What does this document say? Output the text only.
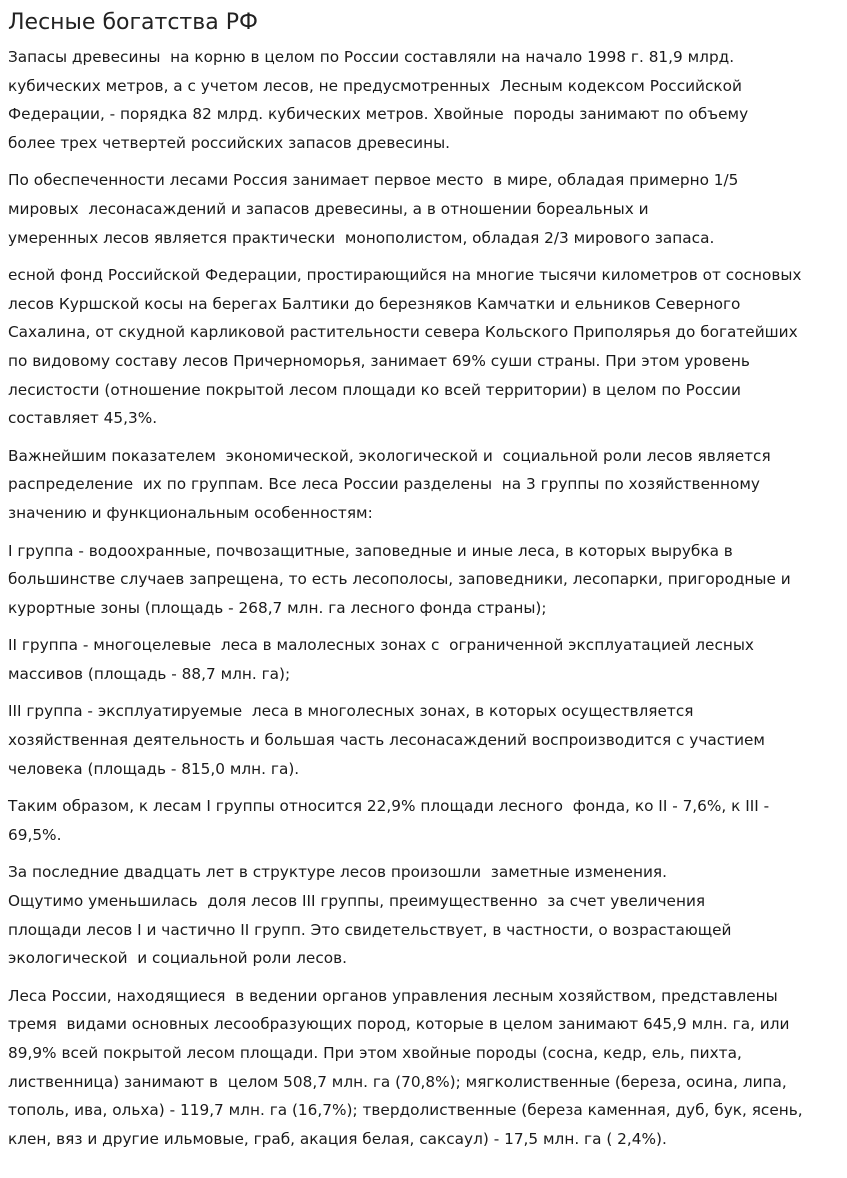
Лесные богатства РФ

Запасы древесины  на корню в целом по России составляли на начало 1998 г. 81,9 млрд.
кубических метров, а с учетом лесов, не предусмотренных  Лесным кодексом Российской
Федерации, - порядка 82 млрд. кубических метров. Хвойные  породы занимают по объему
более трех четвертей российских запасов древесины.

По обеспеченности лесами Россия занимает первое место  в мире, обладая примерно 1/5
мировых  лесонасаждений и запасов древесины, а в отношении бореальных и
умеренных лесов является практически  монополистом, обладая 2/3 мирового запаса.

есной фонд Российской Федерации, простирающийся на многие тысячи километров от сосновых
лесов Куршской косы на берегах Балтики до березняков Камчатки и ельников Северного
Сахалина, от скудной карликовой растительности севера Кольского Приполярья до богатейших
по видовому составу лесов Причерноморья, занимает 69% суши страны. При этом уровень
лесистости (отношение покрытой лесом площади ко всей территории) в целом по России
составляет 45,3%.

Важнейшим показателем  экономической, экологической и  социальной роли лесов является
распределение  их по группам. Все леса России разделены  на 3 группы по хозяйственному
значению и функциональным особенностям:

I группа - водоохранные, почвозащитные, заповедные и иные леса, в которых вырубка в
большинстве случаев запрещена, то есть лесополосы, заповедники, лесопарки, пригородные и
курортные зоны (площадь - 268,7 млн. га лесного фонда страны);

II группа - многоцелевые  леса в малолесных зонах с  ограниченной эксплуатацией лесных
массивов (площадь - 88,7 млн. га);

III группа - эксплуатируемые  леса в многолесных зонах, в которых осуществляется
хозяйственная деятельность и большая часть лесонасаждений воспроизводится с участием
человека (площадь - 815,0 млн. га).

Таким образом, к лесам I группы относится 22,9% площади лесного  фонда, ко II - 7,6%, к III -
69,5%.

За последние двадцать лет в структуре лесов произошли  заметные изменения.
Ощутимо уменьшилась  доля лесов III группы, преимущественно  за счет увеличения
площади лесов I и частично II групп. Это свидетельствует, в частности, о возрастающей
экологической  и социальной роли лесов.

Леса России, находящиеся  в ведении органов управления лесным хозяйством, представлены
тремя  видами основных лесообразующих пород, которые в целом занимают 645,9 млн. га, или
89,9% всей покрытой лесом площади. При этом хвойные породы (сосна, кедр, ель, пихта,
лиственница) занимают в  целом 508,7 млн. га (70,8%); мягколиственные (береза, осина, липа,
тополь, ива, ольха) - 119,7 млн. га (16,7%); твердолиственные (береза каменная, дуб, бук, ясень,
клен, вяз и другие ильмовые, граб, акация белая, саксаул) - 17,5 млн. га ( 2,4%).
